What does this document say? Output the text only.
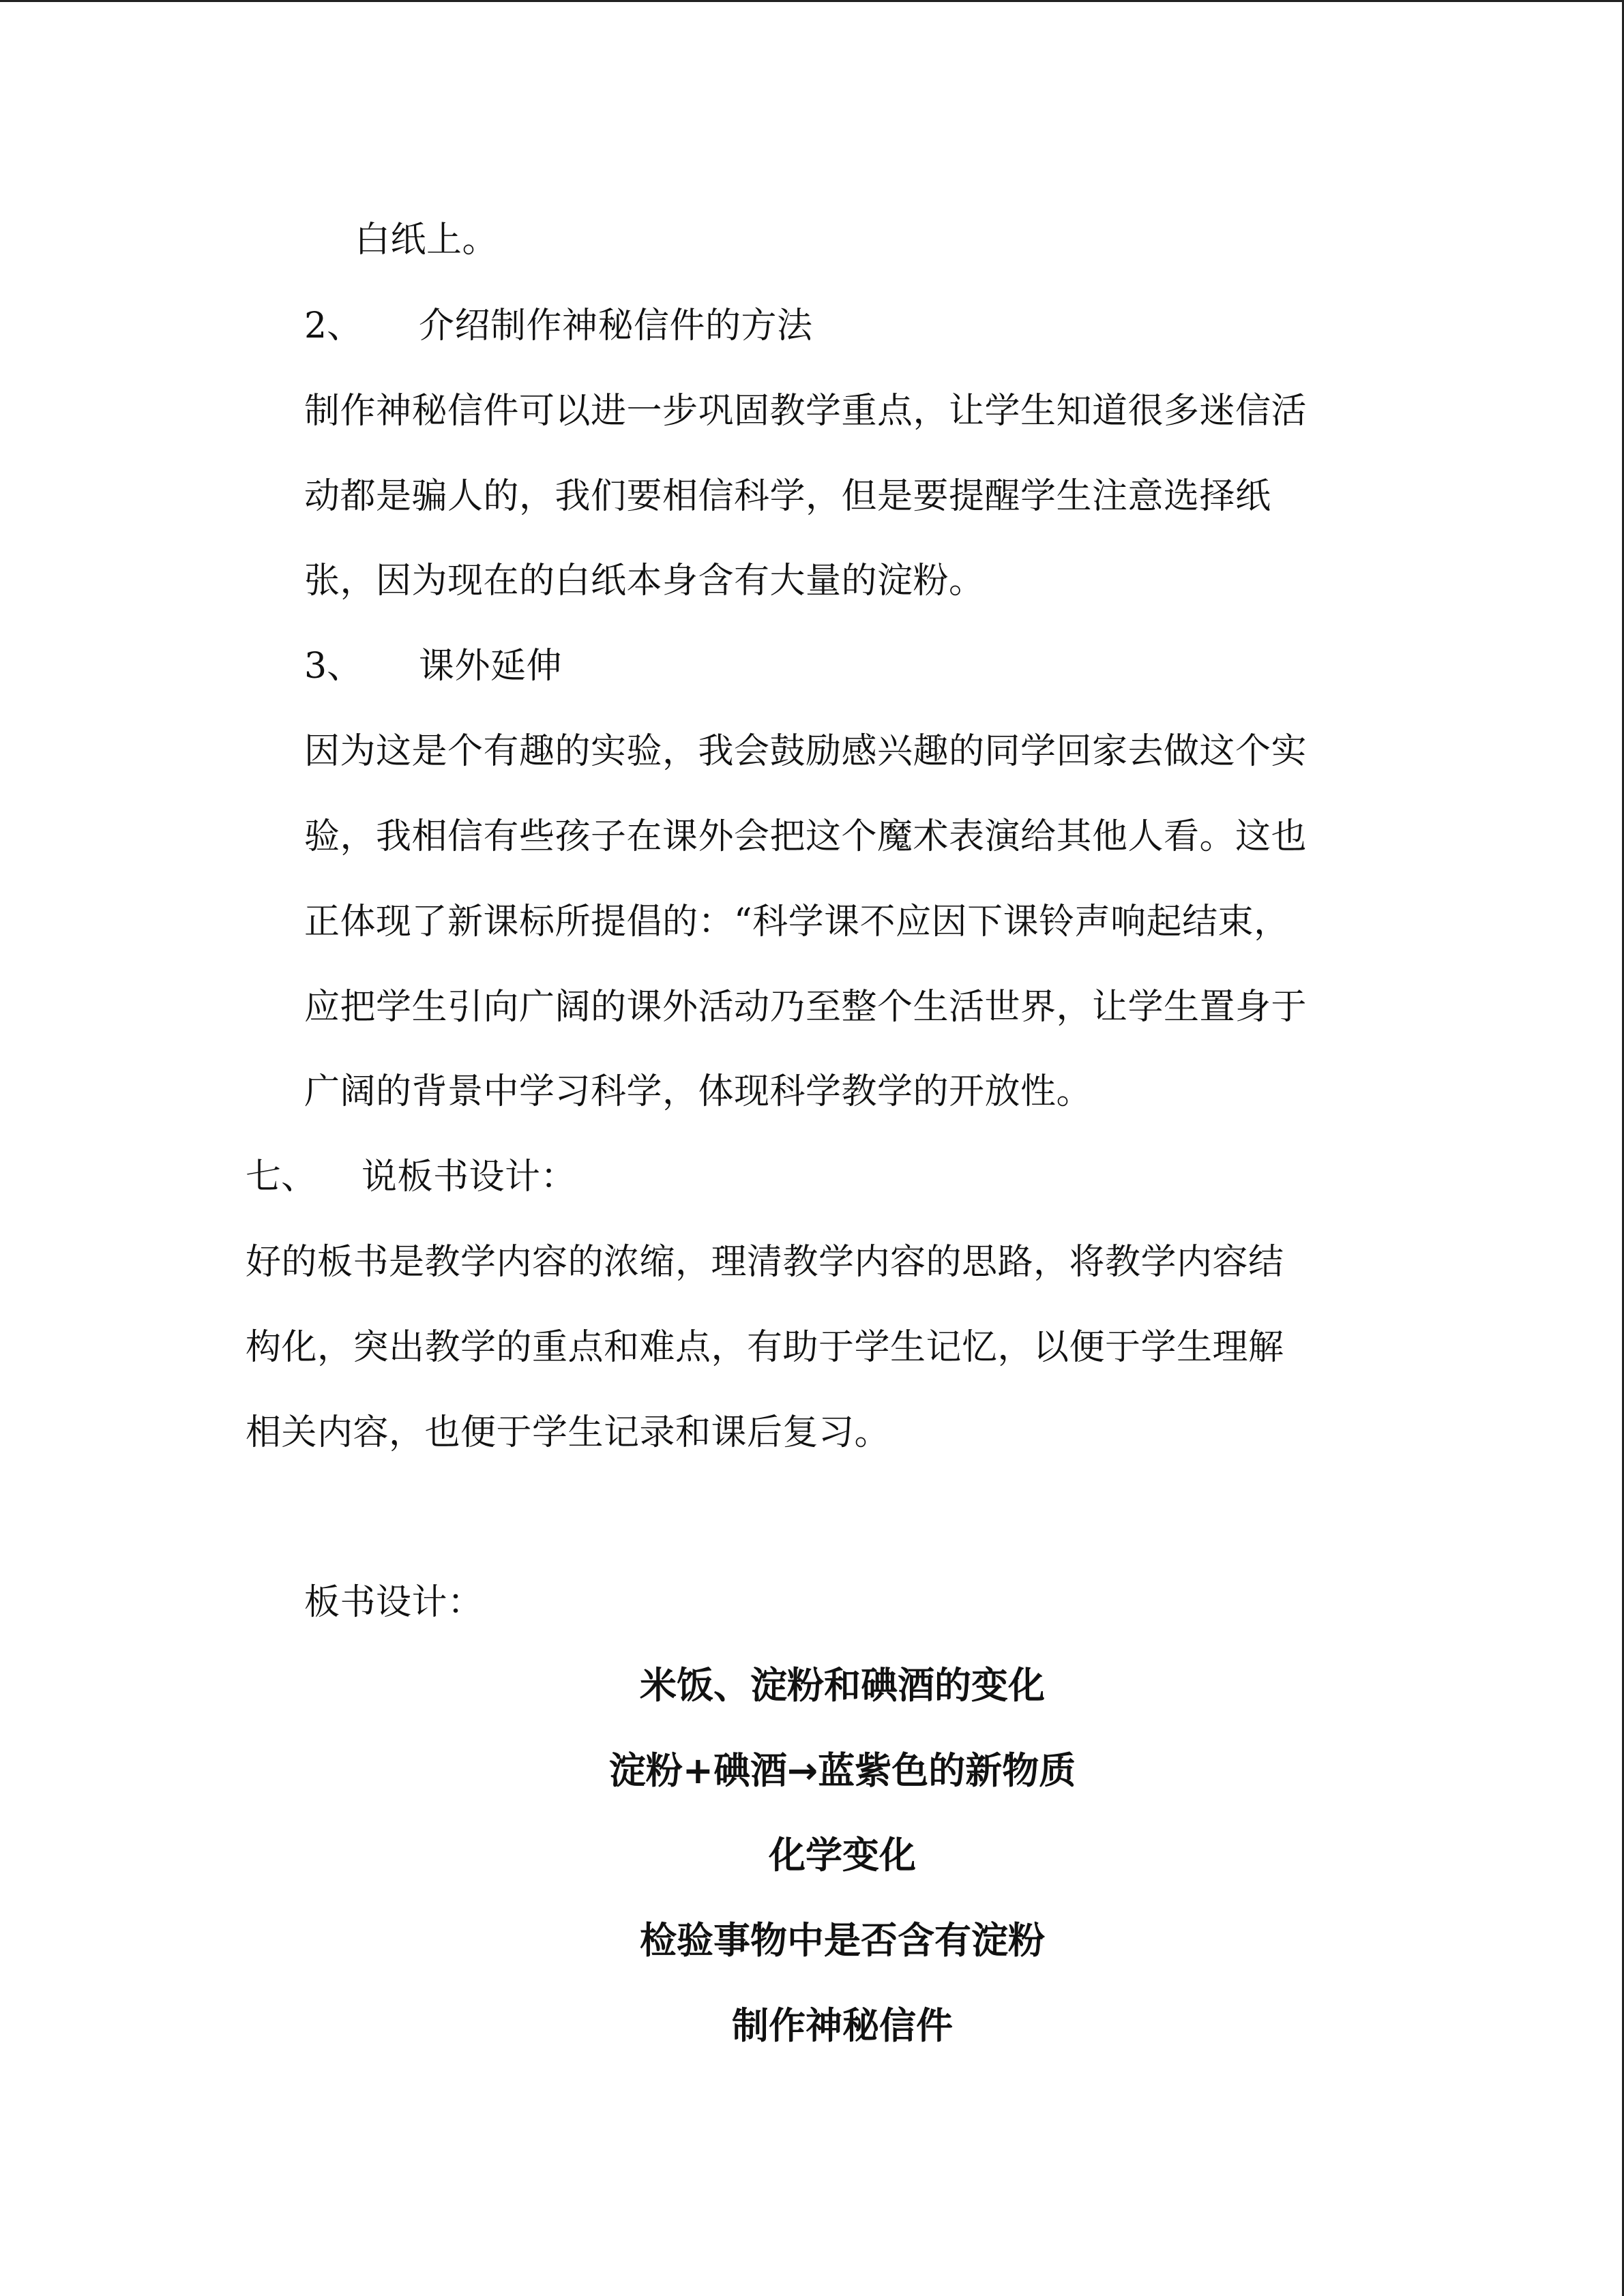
白纸上。
2、 介绍制作神秘信件的方法
制作神秘信件可以进一步巩固教学重点，让学生知道很多迷信活
动都是骗人的，我们要相信科学，但是要提醒学生注意选择纸
张，因为现在的白纸本身含有大量的淀粉。
3、 课外延伸
因为这是个有趣的实验，我会鼓励感兴趣的同学回家去做这个实
验，我相信有些孩子在课外会把这个魔术表演给其他人看。这也
正体现了新课标所提倡的：“科学课不应因下课铃声响起结束，
应把学生引向广阔的课外活动乃至整个生活世界，让学生置身于
广阔的背景中学习科学，体现科学教学的开放性。
七、 说板书设计：
好的板书是教学内容的浓缩，理清教学内容的思路，将教学内容结
构化，突出教学的重点和难点，有助于学生记忆，以便于学生理解
相关内容，也便于学生记录和课后复习。
板书设计：
米饭、淀粉和碘酒的变化
淀粉+碘酒→蓝紫色的新物质
化学变化
检验事物中是否含有淀粉
制作神秘信件
